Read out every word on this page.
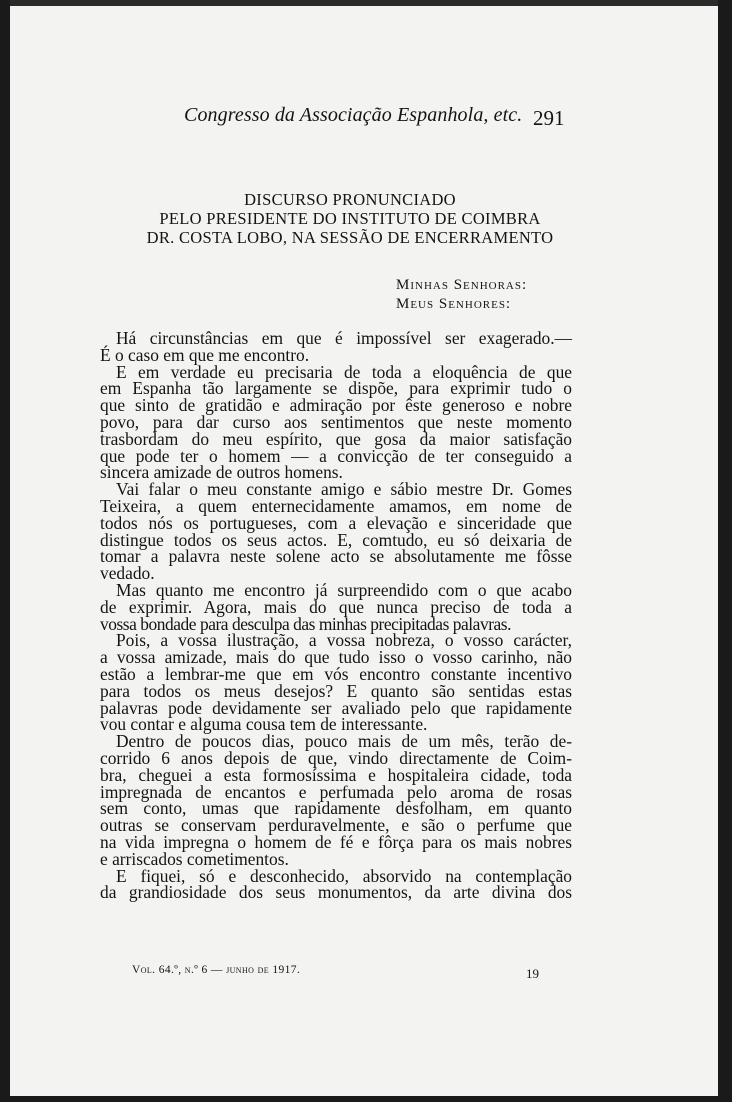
Congresso da Associação Espanhola, etc. 291
DISCURSO PRONUNCIADO
PELO PRESIDENTE DO INSTITUTO DE COIMBRA
DR. COSTA LOBO, NA SESSÃO DE ENCERRAMENTO
Minhas Senhoras:
Meus Senhores:

Há circunstâncias em que é impossível ser exagerado.—
É o caso em que me encontro.

E em verdade eu precisaria de toda a eloquência de que
em Espanha tão largamente se dispõe, para exprimir tudo o
que sinto de gratidão e admiração por êste generoso e nobre
povo, para dar curso aos sentimentos que neste momento
trasbordam do meu espírito, que gosa da maior satisfação
que pode ter o homem — a convicção de ter conseguido a
sincera amizade de outros homens.

Vai falar o meu constante amigo e sábio mestre Dr. Gomes
Teixeira, a quem enternecidamente amamos, em nome de
todos nós os portugueses, com a elevação e sinceridade que
distingue todos os seus actos. E, comtudo, eu só deixaria de
tomar a palavra neste solene acto se absolutamente me fôsse
vedado.

Mas quanto me encontro já surpreendido com o que acabo
de exprimir. Agora, mais do que nunca preciso de toda a
vossa bondade para desculpa das minhas precipitadas palavras.

Pois, a vossa ilustração, a vossa nobreza, o vosso carácter,
a vossa amizade, mais do que tudo isso o vosso carinho, não
estão a lembrar-me que em vós encontro constante incentivo
para todos os meus desejos? E quanto são sentidas estas
palavras pode devidamente ser avaliado pelo que rapidamente
vou contar e alguma cousa tem de interessante.

Dentro de poucos dias, pouco mais de um mês, terão de-
corrido 6 anos depois de que, vindo directamente de Coim-
bra, cheguei a esta formosíssima e hospitaleira cidade, toda
impregnada de encantos e perfumada pelo aroma de rosas
sem conto, umas que rapidamente desfolham, em quanto
outras se conservam perduravelmente, e são o perfume que
na vida impregna o homem de fé e fôrça para os mais nobres
e arriscados cometimentos.

E fiquei, só e desconhecido, absorvido na contemplação
da grandiosidade dos seus monumentos, da arte divina dos

Vol. 64.º, n.º 6 — junho de 1917.	19
